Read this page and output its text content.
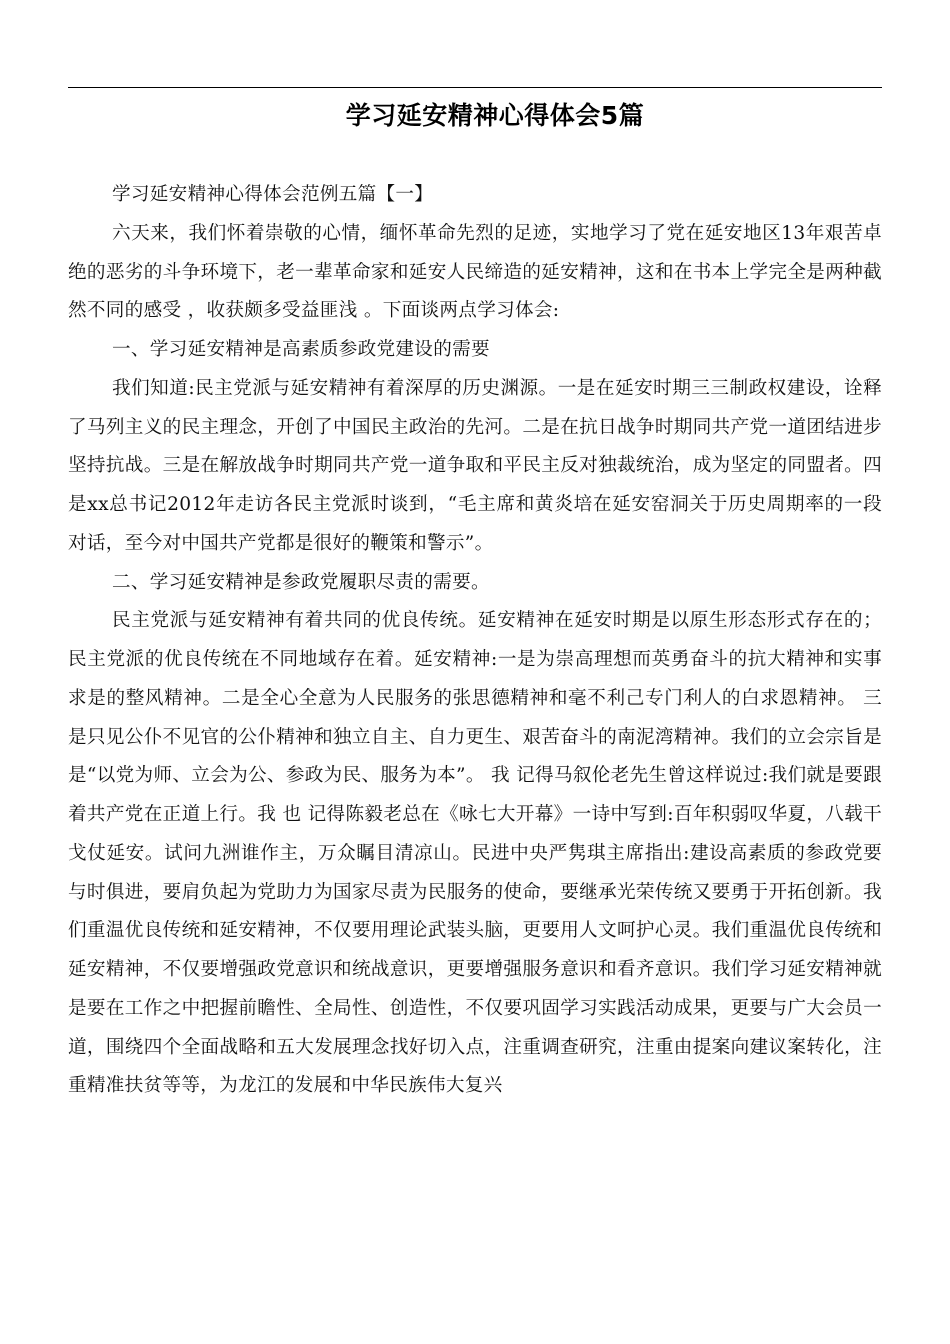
学习延安精神心得体会5篇

学习延安精神心得体会范例五篇【一】

六天来，我们怀着崇敬的心情，缅怀革命先烈的足迹，实地学习了党在延安地区13年艰苦卓绝的恶劣的斗争环境下，老一辈革命家和延安人民缔造的延安精神，这和在书本上学完全是两种截然不同的感受 ，收获颇多受益匪浅 。下面谈两点学习体会:

一、学习延安精神是高素质参政党建设的需要

我们知道:民主党派与延安精神有着深厚的历史渊源。一是在延安时期三三制政权建设，诠释了马列主义的民主理念，开创了中国民主政治的先河。二是在抗日战争时期同共产党一道团结进步坚持抗战。三是在解放战争时期同共产党一道争取和平民主反对独裁统治，成为坚定的同盟者。四是xx总书记2012年走访各民主党派时谈到，“毛主席和黄炎培在延安窑洞关于历史周期率的一段对话，至今对中国共产党都是很好的鞭策和警示”。

二、学习延安精神是参政党履职尽责的需要。

民主党派与延安精神有着共同的优良传统。延安精神在延安时期是以原生形态形式存在的；民主党派的优良传统在不同地域存在着。延安精神:一是为崇高理想而英勇奋斗的抗大精神和实事求是的整风精神。二是全心全意为人民服务的张思德精神和毫不利己专门利人的白求恩精神。 三是只见公仆不见官的公仆精神和独立自主、自力更生、艰苦奋斗的南泥湾精神。我们的立会宗旨是是“以党为师、立会为公、参政为民、服务为本”。 我 记得马叙伦老先生曾这样说过:我们就是要跟着共产党在正道上行。我 也 记得陈毅老总在《咏七大开幕》一诗中写到:百年积弱叹华夏，八载干戈仗延安。试问九洲谁作主，万众瞩目清凉山。民进中央严隽琪主席指出:建设高素质的参政党要与时俱进，要肩负起为党助力为国家尽责为民服务的使命，要继承光荣传统又要勇于开拓创新。我们重温优良传统和延安精神，不仅要用理论武装头脑，更要用人文呵护心灵。我们重温优良传统和延安精神，不仅要增强政党意识和统战意识，更要增强服务意识和看齐意识。我们学习延安精神就是要在工作之中把握前瞻性、全局性、创造性，不仅要巩固学习实践活动成果，更要与广大会员一道，围绕四个全面战略和五大发展理念找好切入点，注重调查研究，注重由提案向建议案转化，注重精准扶贫等等，为龙江的发展和中华民族伟大复兴
